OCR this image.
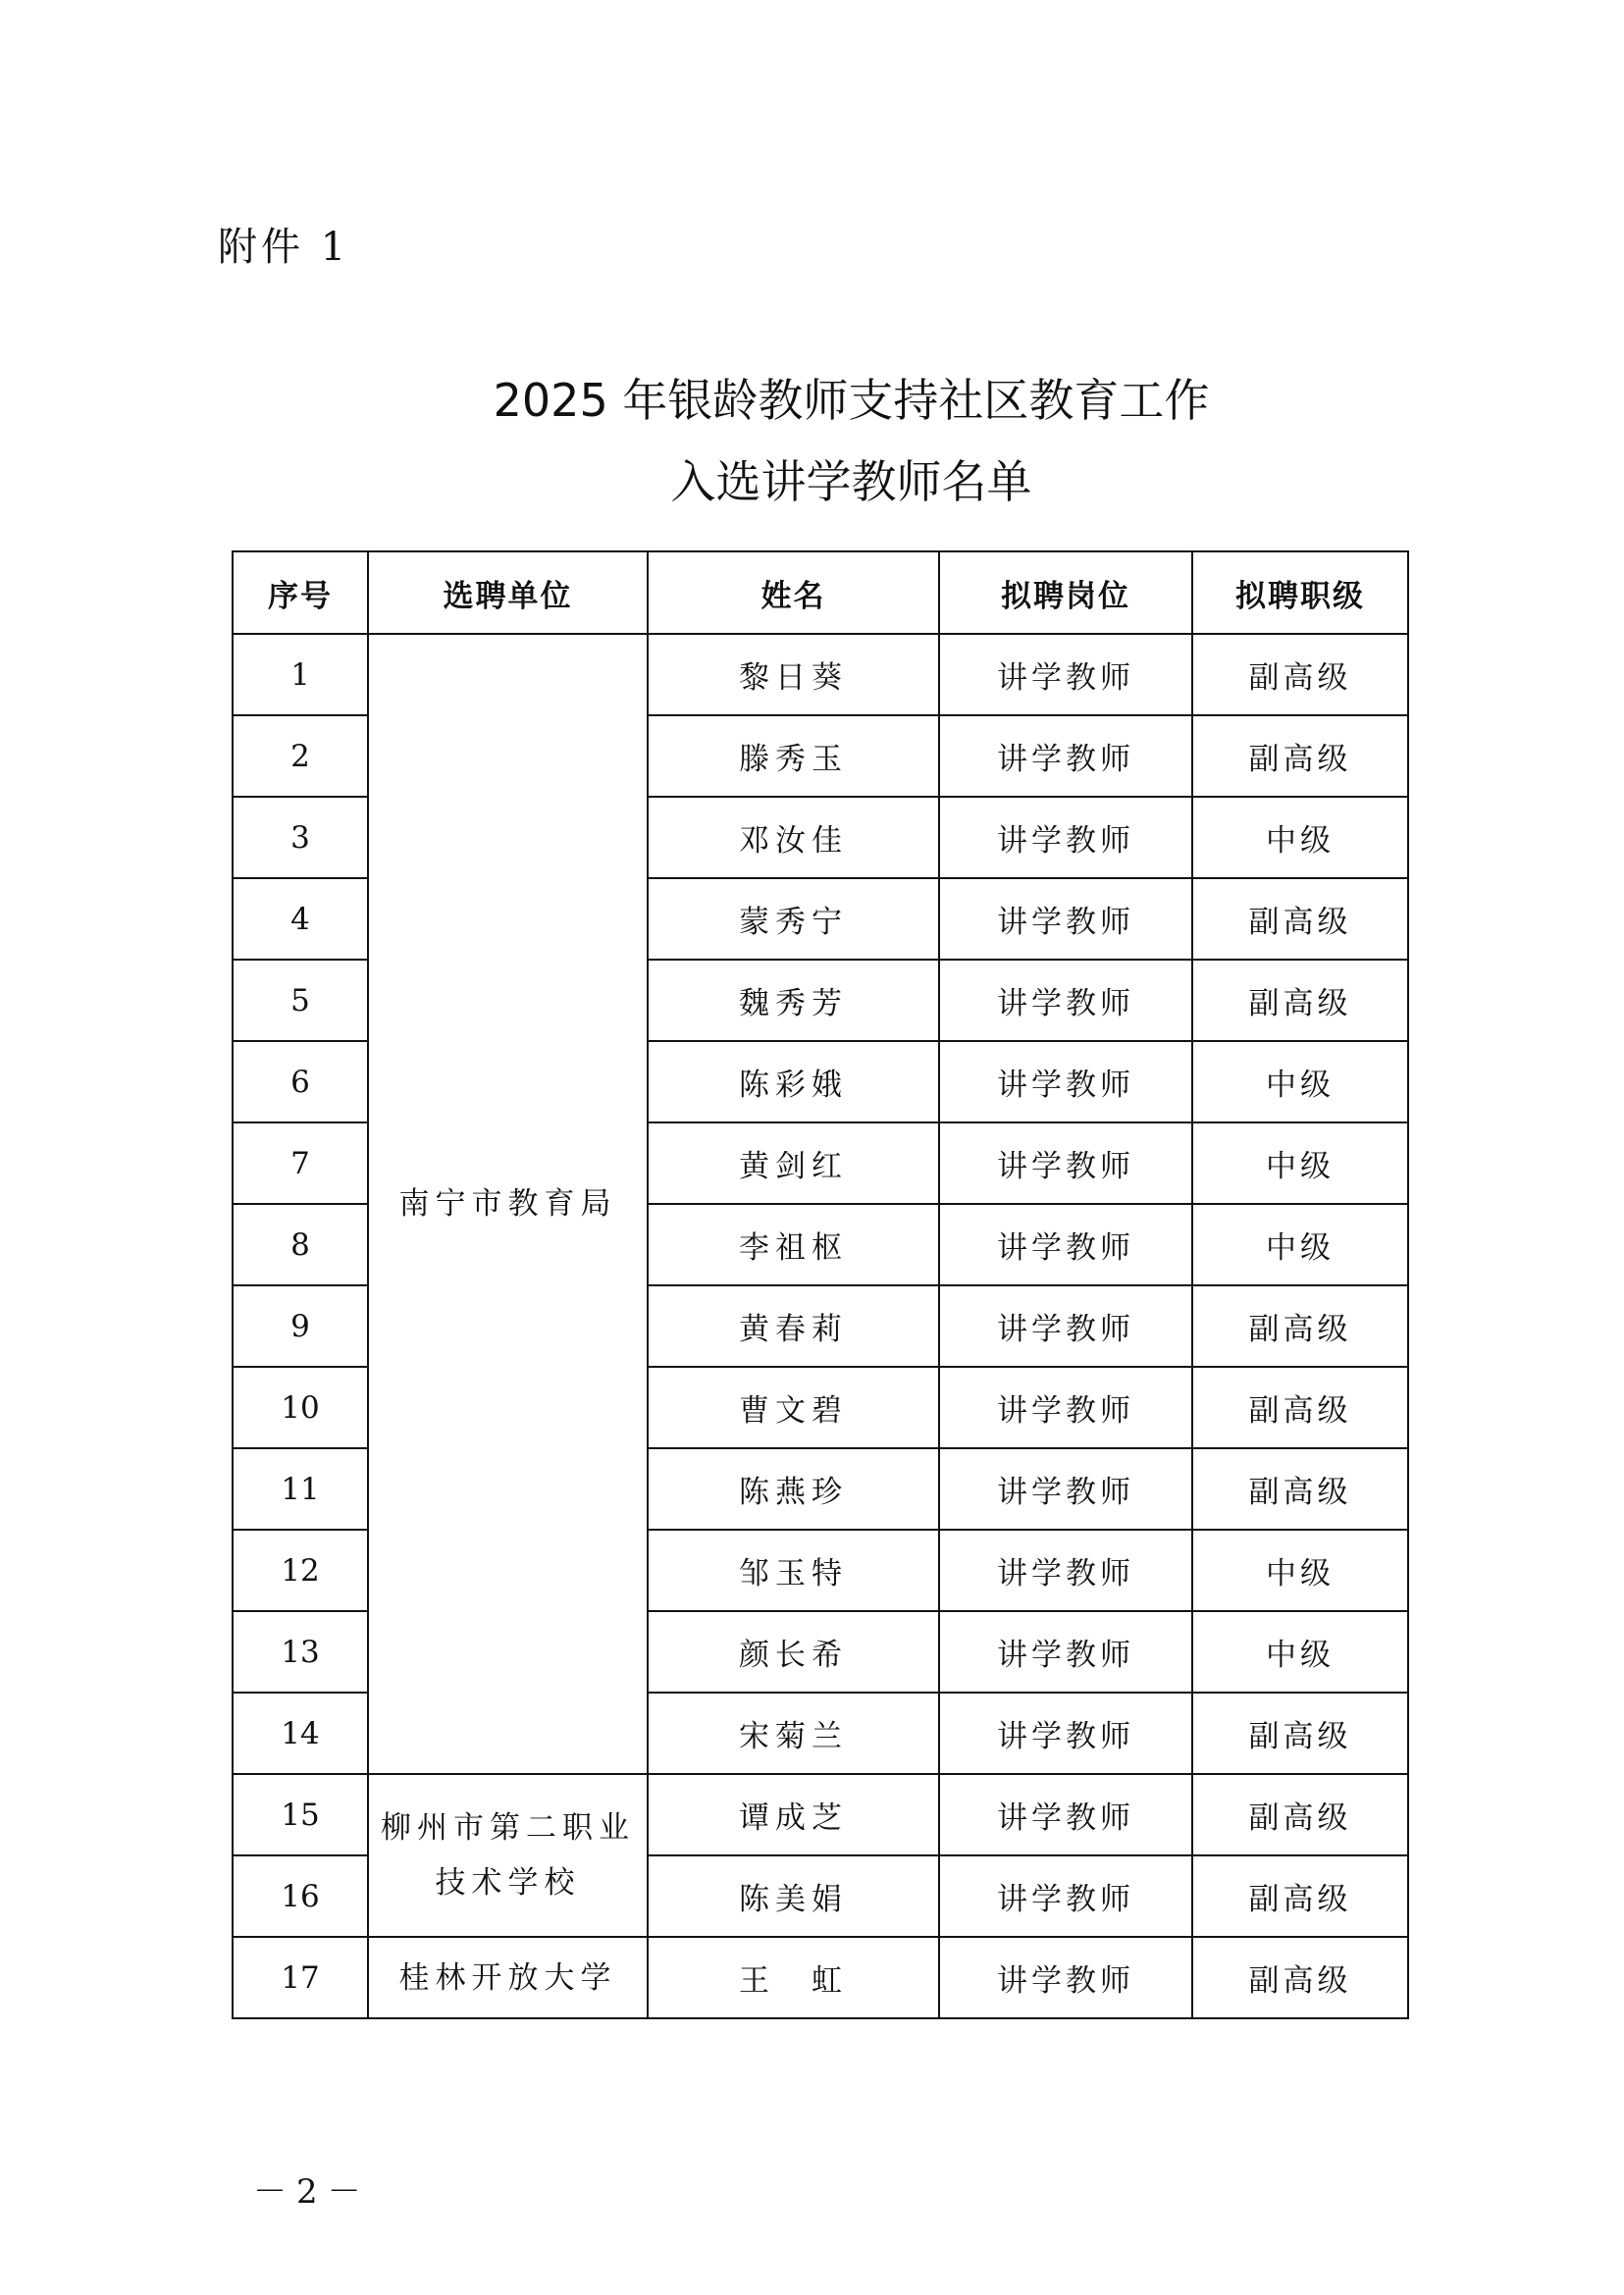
附件 1
2025 年银龄教师支持社区教育工作
入选讲学教师名单
序号	选聘单位	姓名	拟聘岗位	拟聘职级
1	南宁市教育局	黎日葵	讲学教师	副高级
2		滕秀玉	讲学教师	副高级
3		邓汝佳	讲学教师	中级
4		蒙秀宁	讲学教师	副高级
5		魏秀芳	讲学教师	副高级
6		陈彩娥	讲学教师	中级
7		黄剑红	讲学教师	中级
8		李祖枢	讲学教师	中级
9		黄春莉	讲学教师	副高级
10		曹文碧	讲学教师	副高级
11		陈燕珍	讲学教师	副高级
12		邹玉特	讲学教师	中级
13		颜长希	讲学教师	中级
14		宋菊兰	讲学教师	副高级
15	柳州市第二职业技术学校	谭成芝	讲学教师	副高级
16		陈美娟	讲学教师	副高级
17	桂林开放大学	王　虹	讲学教师	副高级
－2－
